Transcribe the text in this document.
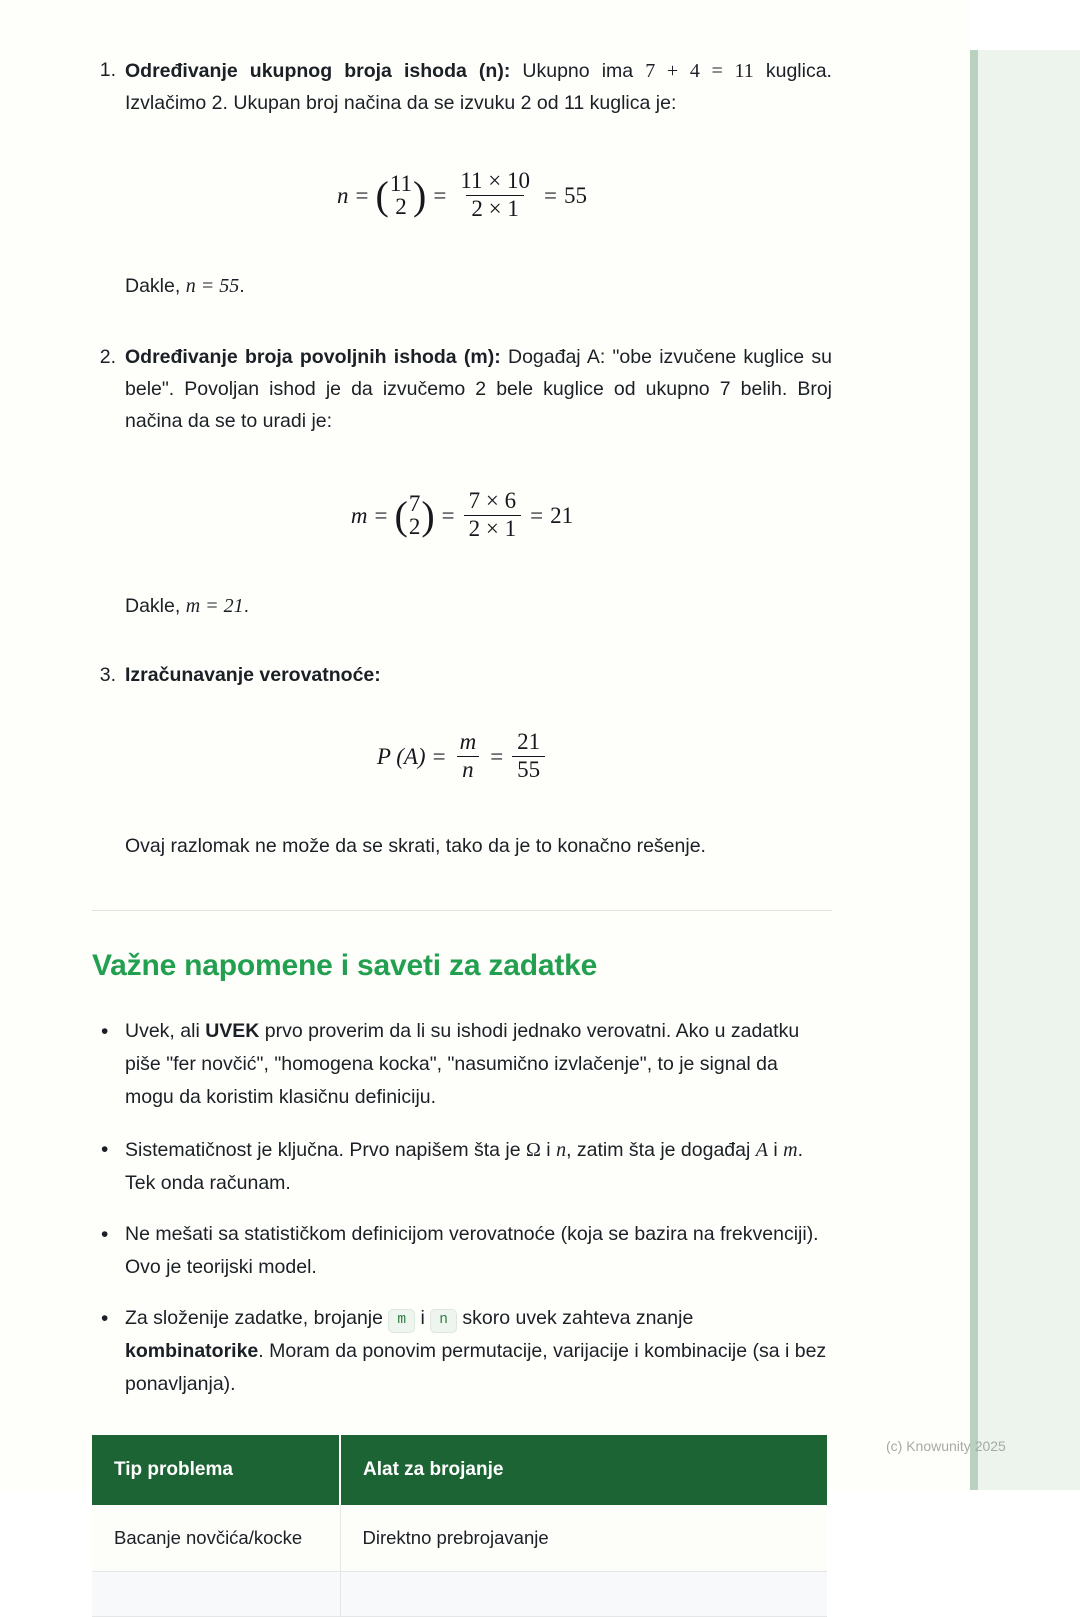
1. Određivanje ukupnog broja ishoda (n): Ukupno ima 7 + 4 = 11 kuglica. Izvlačimo 2. Ukupan broj načina da se izvuku 2 od 11 kuglica je:
n = ( 11
2 ) = $\frac{11 \times 10}{2 \times 1} = 55$
Dakle, n = 55.
2. Određivanje broja povoljnih ishoda (m): Događaj A: "obe izvučene kuglice su bele". Povoljan ishod je da izvučemo 2 bele kuglice od ukupno 7 belih. Broj načina da se to uradi je:
m = ( 7
2 ) = $\frac{7 \times 6}{2 \times 1} = 21$
Dakle, m = 21.
3. Izračunavanje verovatnoće:
P $(A) = \frac{m}{n} = \frac{21}{55}$
Ovaj razlomak ne može da se skrati, tako da je to konačno rešenje.
Važne napomene i saveti za zadatke
• Uvek, ali UVEK prvo proverim da li su ishodi jednako verovatni. Ako u zadatku piše "fer novčić", "homogena kocka", "nasumično izvlačenje", to je signal da mogu da koristim klasičnu definiciju.
• Sistematičnost je ključna. Prvo napišem šta je Ω i n, zatim šta je događaj A i m. Tek onda računam.
• Ne mešati sa statističkom definicijom verovatnoće (koja se bazira na frekvenciji). Ovo je teorijski model.
• Za složenije zadatke, brojanje m i n skoro uvek zahteva znanje kombinatorike. Moram da ponovim permutacije, varijacije i kombinacije (sa i bez ponavljanja).
Tip problema	Alat za brojanje
Bacanje novčića/kocke	Direktno prebrojavanje

(c) Knowunity 2025
